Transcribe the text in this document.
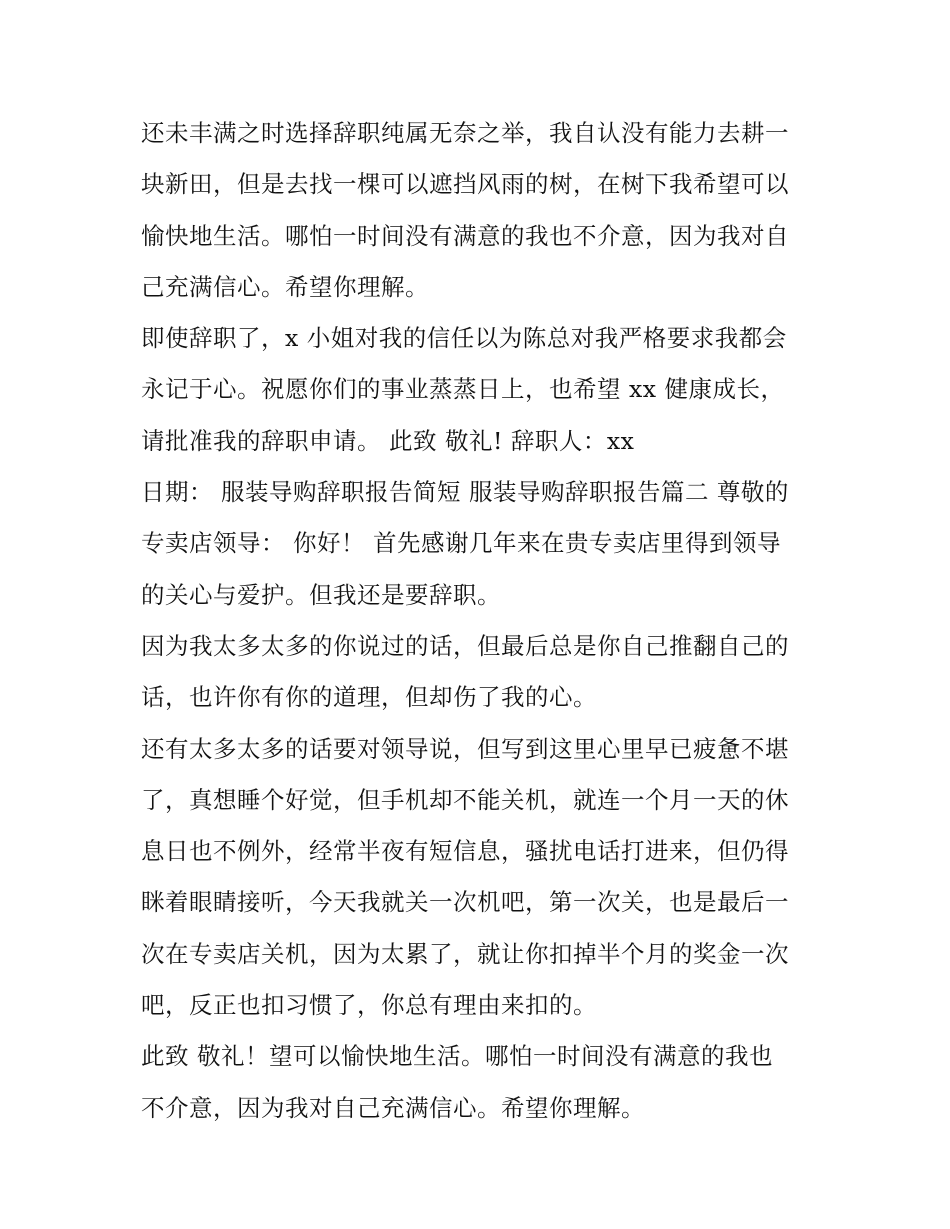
还未丰满之时选择辞职纯属无奈之举，我自认没有能力去耕一
块新田，但是去找一棵可以遮挡风雨的树，在树下我希望可以
愉快地生活。哪怕一时间没有满意的我也不介意，因为我对自
己充满信心。希望你理解。
即使辞职了，x 小姐对我的信任以为陈总对我严格要求我都会
永记于心。祝愿你们的事业蒸蒸日上，也希望 xx 健康成长，
请批准我的辞职申请。 此致 敬礼! 辞职人：xx
日期： 服装导购辞职报告简短 服装导购辞职报告篇二 尊敬的
专卖店领导： 你好！ 首先感谢几年来在贵专卖店里得到领导
的关心与爱护。但我还是要辞职。
因为我太多太多的你说过的话，但最后总是你自己推翻自己的
话，也许你有你的道理，但却伤了我的心。
还有太多太多的话要对领导说，但写到这里心里早已疲惫不堪
了，真想睡个好觉，但手机却不能关机，就连一个月一天的休
息日也不例外，经常半夜有短信息，骚扰电话打进来，但仍得
眯着眼睛接听，今天我就关一次机吧，第一次关，也是最后一
次在专卖店关机，因为太累了，就让你扣掉半个月的奖金一次
吧，反正也扣习惯了，你总有理由来扣的。
此致 敬礼！望可以愉快地生活。哪怕一时间没有满意的我也
不介意，因为我对自己充满信心。希望你理解。
